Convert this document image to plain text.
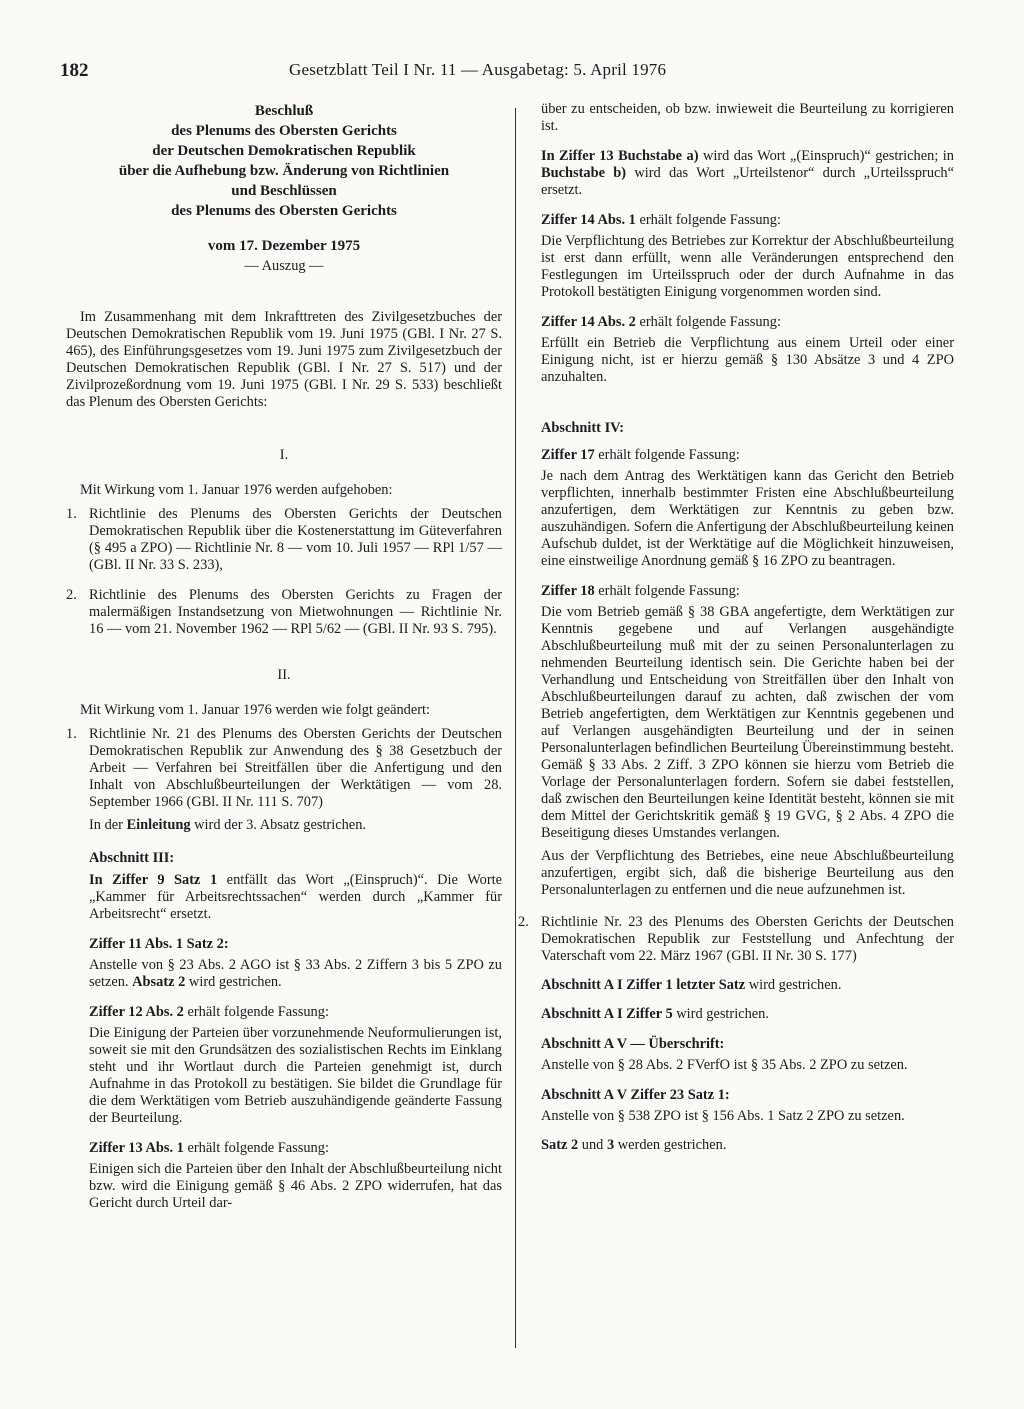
182	Gesetzblatt Teil I Nr. 11 — Ausgabetag: 5. April 1976
Beschluß
des Plenums des Obersten Gerichts
der Deutschen Demokratischen Republik
über die Aufhebung bzw. Änderung von Richtlinien
und Beschlüssen
des Plenums des Obersten Gerichts
vom 17. Dezember 1975
— Auszug —

Im Zusammenhang mit dem Inkrafttreten des Zivilgesetzbuches der Deutschen Demokratischen Republik vom 19. Juni 1975 (GBl. I Nr. 27 S. 465), des Einführungsgesetzes vom 19. Juni 1975 zum Zivilgesetzbuch der Deutschen Demokratischen Republik (GBl. I Nr. 27 S. 517) und der Zivilprozeßordnung vom 19. Juni 1975 (GBl. I Nr. 29 S. 533) beschließt das Plenum des Obersten Gerichts:

I.

Mit Wirkung vom 1. Januar 1976 werden aufgehoben:

1. Richtlinie des Plenums des Obersten Gerichts der Deutschen Demokratischen Republik über die Kostenerstattung im Güteverfahren (§ 495 a ZPO) — Richtlinie Nr. 8 — vom 10. Juli 1957 — RPl 1/57 — (GBl. II Nr. 33 S. 233),
2. Richtlinie des Plenums des Obersten Gerichts zu Fragen der malermäßigen Instandsetzung von Mietwohnungen — Richtlinie Nr. 16 — vom 21. November 1962 — RPl 5/62 — (GBl. II Nr. 93 S. 795).
II.

Mit Wirkung vom 1. Januar 1976 werden wie folgt geändert:

1. Richtlinie Nr. 21 des Plenums des Obersten Gerichts der Deutschen Demokratischen Republik zur Anwendung des § 38 Gesetzbuch der Arbeit — Verfahren bei Streitfällen über die Anfertigung und den Inhalt von Abschlußbeurteilungen der Werktätigen — vom 28. September 1966 (GBl. II Nr. 111 S. 707)

In der Einleitung wird der 3. Absatz gestrichen.

Abschnitt III:

In Ziffer 9 Satz 1 entfällt das Wort „(Einspruch)“. Die Worte „Kammer für Arbeitsrechtssachen“ werden durch „Kammer für Arbeitsrecht“ ersetzt.

Ziffer 11 Abs. 1 Satz 2:

Anstelle von § 23 Abs. 2 AGO ist § 33 Abs. 2 Ziffern 3 bis 5 ZPO zu setzen. Absatz 2 wird gestrichen.

Ziffer 12 Abs. 2 erhält folgende Fassung:

Die Einigung der Parteien über vorzunehmende Neuformulierungen ist, soweit sie mit den Grundsätzen des sozialistischen Rechts im Einklang steht und ihr Wortlaut durch die Parteien genehmigt ist, durch Aufnahme in das Protokoll zu bestätigen. Sie bildet die Grundlage für die dem Werktätigen vom Betrieb auszuhändigende geänderte Fassung der Beurteilung.

Ziffer 13 Abs. 1 erhält folgende Fassung:

Einigen sich die Parteien über den Inhalt der Abschlußbeurteilung nicht bzw. wird die Einigung gemäß § 46 Abs. 2 ZPO widerrufen, hat das Gericht durch Urteil dar-

über zu entscheiden, ob bzw. inwieweit die Beurteilung zu korrigieren ist.

In Ziffer 13 Buchstabe a) wird das Wort „(Einspruch)“ gestrichen; in Buchstabe b) wird das Wort „Urteilstenor“ durch „Urteilsspruch“ ersetzt.

Ziffer 14 Abs. 1 erhält folgende Fassung:

Die Verpflichtung des Betriebes zur Korrektur der Abschlußbeurteilung ist erst dann erfüllt, wenn alle Veränderungen entsprechend den Festlegungen im Urteilsspruch oder der durch Aufnahme in das Protokoll bestätigten Einigung vorgenommen worden sind.

Ziffer 14 Abs. 2 erhält folgende Fassung:

Erfüllt ein Betrieb die Verpflichtung aus einem Urteil oder einer Einigung nicht, ist er hierzu gemäß § 130 Absätze 3 und 4 ZPO anzuhalten.

Abschnitt IV:

Ziffer 17 erhält folgende Fassung:

Je nach dem Antrag des Werktätigen kann das Gericht den Betrieb verpflichten, innerhalb bestimmter Fristen eine Abschlußbeurteilung anzufertigen, dem Werktätigen zur Kenntnis zu geben bzw. auszuhändigen. Sofern die Anfertigung der Abschlußbeurteilung keinen Aufschub duldet, ist der Werktätige auf die Möglichkeit hinzuweisen, eine einstweilige Anordnung gemäß § 16 ZPO zu beantragen.

Ziffer 18 erhält folgende Fassung:

Die vom Betrieb gemäß § 38 GBA angefertigte, dem Werktätigen zur Kenntnis gegebene und auf Verlangen ausgehändigte Abschlußbeurteilung muß mit der zu seinen Personalunterlagen zu nehmenden Beurteilung identisch sein. Die Gerichte haben bei der Verhandlung und Entscheidung von Streitfällen über den Inhalt von Abschlußbeurteilungen darauf zu achten, daß zwischen der vom Betrieb angefertigten, dem Werktätigen zur Kenntnis gegebenen und auf Verlangen ausgehändigten Beurteilung und der in seinen Personalunterlagen befindlichen Beurteilung Übereinstimmung besteht. Gemäß § 33 Abs. 2 Ziff. 3 ZPO können sie hierzu vom Betrieb die Vorlage der Personalunterlagen fordern. Sofern sie dabei feststellen, daß zwischen den Beurteilungen keine Identität besteht, können sie mit dem Mittel der Gerichtskritik gemäß § 19 GVG, § 2 Abs. 4 ZPO die Beseitigung dieses Umstandes verlangen.

Aus der Verpflichtung des Betriebes, eine neue Abschlußbeurteilung anzufertigen, ergibt sich, daß die bisherige Beurteilung aus den Personalunterlagen zu entfernen und die neue aufzunehmen ist.

2. Richtlinie Nr. 23 des Plenums des Obersten Gerichts der Deutschen Demokratischen Republik zur Feststellung und Anfechtung der Vaterschaft vom 22. März 1967 (GBl. II Nr. 30 S. 177)

Abschnitt A I Ziffer 1 letzter Satz wird gestrichen.

Abschnitt A I Ziffer 5 wird gestrichen.

Abschnitt A V — Überschrift:

Anstelle von § 28 Abs. 2 FVerfO ist § 35 Abs. 2 ZPO zu setzen.

Abschnitt A V Ziffer 23 Satz 1:

Anstelle von § 538 ZPO ist § 156 Abs. 1 Satz 2 ZPO zu setzen.

Satz 2 und 3 werden gestrichen.
